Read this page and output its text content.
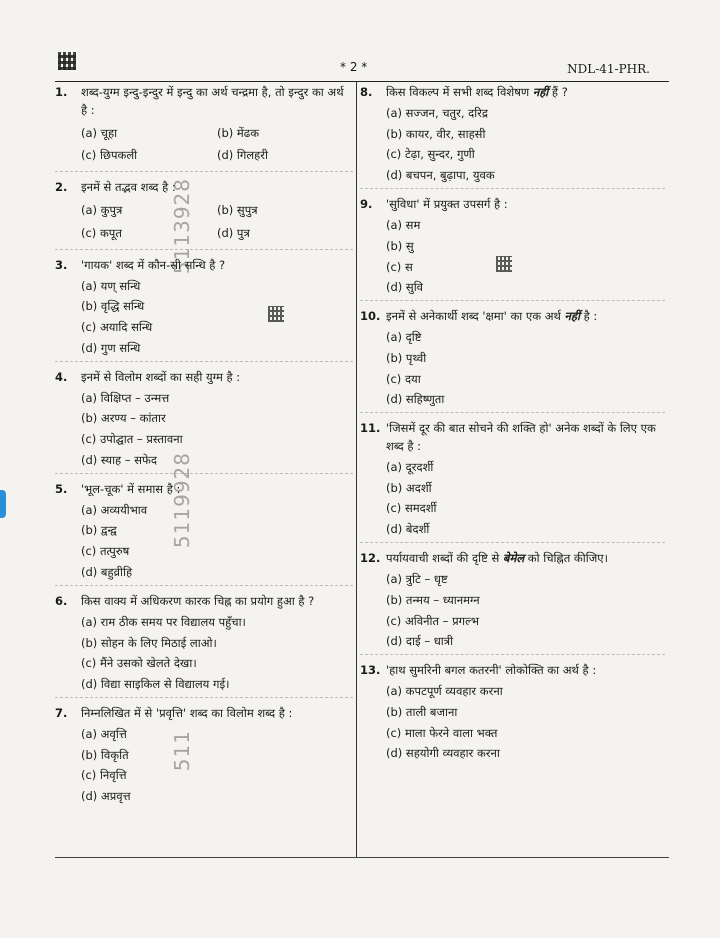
* 2 *	NDL-41-PHR.
5113928
5119928
511
1.	शब्द-युग्म इन्दु-इन्दुर में इन्दु का अर्थ चन्द्रमा है, तो इन्दुर का अर्थ है :
(a) चूहा	(b) मेंढक
(c) छिपकली	(d) गिलहरी
2.	इनमें से तद्भव शब्द है :
(a) कुपुत्र	(b) सुपुत्र
(c) कपूत	(d) पुत्र
3.	'गायक' शब्द में कौन-सी सन्धि है ?
(a) यण् सन्धि
(b) वृद्धि सन्धि
(c) अयादि सन्धि
(d) गुण सन्धि
4.	इनमें से विलोम शब्दों का सही युग्म है :
(a) विक्षिप्त – उन्मत्त
(b) अरण्य – कांतार
(c) उपोद्घात – प्रस्तावना
(d) स्याह – सफेद
5.	'भूल-चूक' में समास है :
(a) अव्ययीभाव
(b) द्वन्द्व
(c) तत्पुरुष
(d) बहुव्रीहि
6.	किस वाक्य में अधिकरण कारक चिह्न का प्रयोग हुआ है ?
(a) राम ठीक समय पर विद्यालय पहुँचा।
(b) सोहन के लिए मिठाई लाओ।
(c) मैंने उसको खेलते देखा।
(d) विद्या साइकिल से विद्यालय गई।
7.	निम्नलिखित में से 'प्रवृत्ति' शब्द का विलोम शब्द है :
(a) अवृत्ति
(b) विकृति
(c) निवृत्ति
(d) अप्रवृत्त
8.	किस विकल्प में सभी शब्द विशेषण नहीं हैं ?
(a) सज्जन, चतुर, दरिद्र
(b) कायर, वीर, साहसी
(c) टेढ़ा, सुन्दर, गुणी
(d) बचपन, बुढ़ापा, युवक
9.	'सुविधा' में प्रयुक्त उपसर्ग है :
(a) सम
(b) सु
(c) स
(d) सुवि
10. इनमें से अनेकार्थी शब्द 'क्षमा' का एक अर्थ नहीं है :
(a) दृष्टि
(b) पृथ्वी
(c) दया
(d) सहिष्णुता
11. 'जिसमें दूर की बात सोचने की शक्ति हो' अनेक शब्दों के लिए एक शब्द है :
(a) दूरदर्शी
(b) अदर्शी
(c) समदर्शी
(d) बेदर्शी
12. पर्यायवाची शब्दों की दृष्टि से बेमेल को चिह्नित कीजिए।
(a) त्रुटि – धृष्ट
(b) तन्मय – ध्यानमग्न
(c) अविनीत – प्रगल्भ
(d) दाई – धात्री
13. 'हाथ सुमरिनी बगल कतरनी' लोकोक्ति का अर्थ है :
(a) कपटपूर्ण व्यवहार करना
(b) ताली बजाना
(c) माला फेरने वाला भक्त
(d) सहयोगी व्यवहार करना
